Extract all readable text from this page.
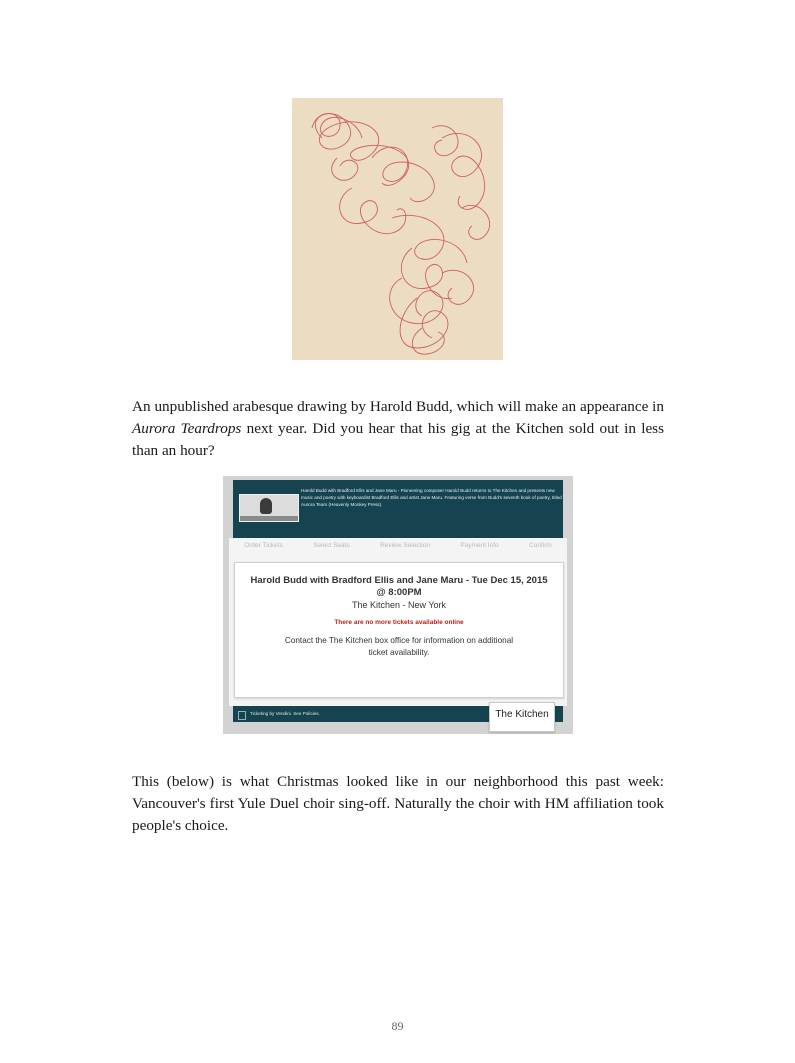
An unpublished arabesque drawing by Harold Budd, which will make an appearance in Aurora Teardrops next year. Did you hear that his gig at the Kitchen sold out in less than an hour?

Harold Budd with Bradford Ellis and Jane Maru - Pioneering composer Harold Budd returns to The Kitchen and presents new music and poetry with keyboardist Bradford Ellis and artist Jane Maru. Featuring verse from Budd's seventh book of poetry, titled Aurora Tears (Heavenly Monkey Press).
Order Tickets	Select Seats	Review Selection	Payment Info	Confirm
Harold Budd with Bradford Ellis and Jane Maru - Tue Dec 15, 2015 @ 8:00PM
The Kitchen - New York
There are no more tickets available online
Contact the The Kitchen box office for information on additional ticket availability.
Ticketing by Vendini. See Policies.	The Kitchen

This (below) is what Christmas looked like in our neighborhood this past week: Vancouver's first Yule Duel choir sing-off. Naturally the choir with HM affiliation took people's choice.

89
